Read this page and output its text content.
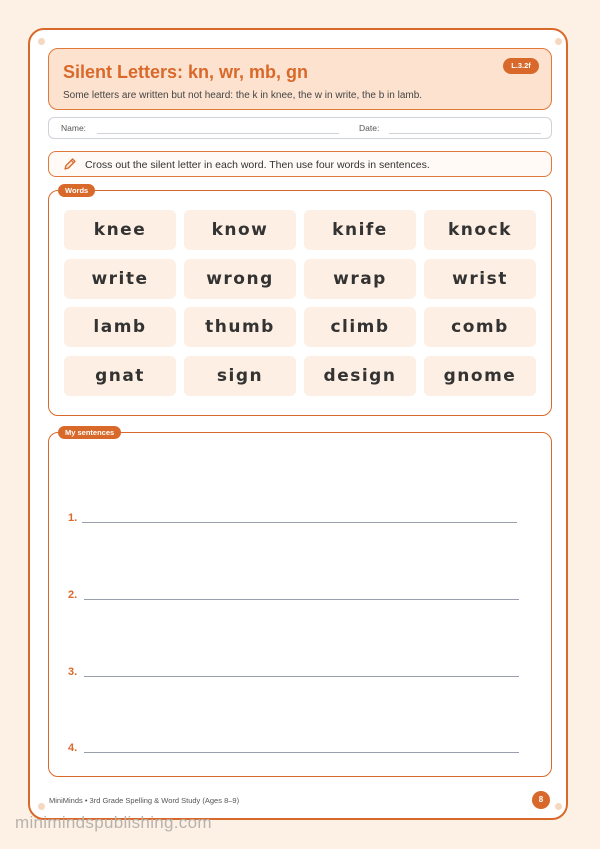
Silent Letters: kn, wr, mb, gn
Some letters are written but not heard: the k in knee, the w in write, the b in lamb.
L.3.2f
Name:	Date:
Cross out the silent letter in each word. Then use four words in sentences.
Words
knee	know	knife	knock
write	wrong	wrap	wrist
lamb	thumb	climb	comb
gnat	sign	design	gnome
My sentences
1.
2.
3.
4.
MiniMinds • 3rd Grade Spelling & Word Study (Ages 8–9)	8
minimindspublishing.com
